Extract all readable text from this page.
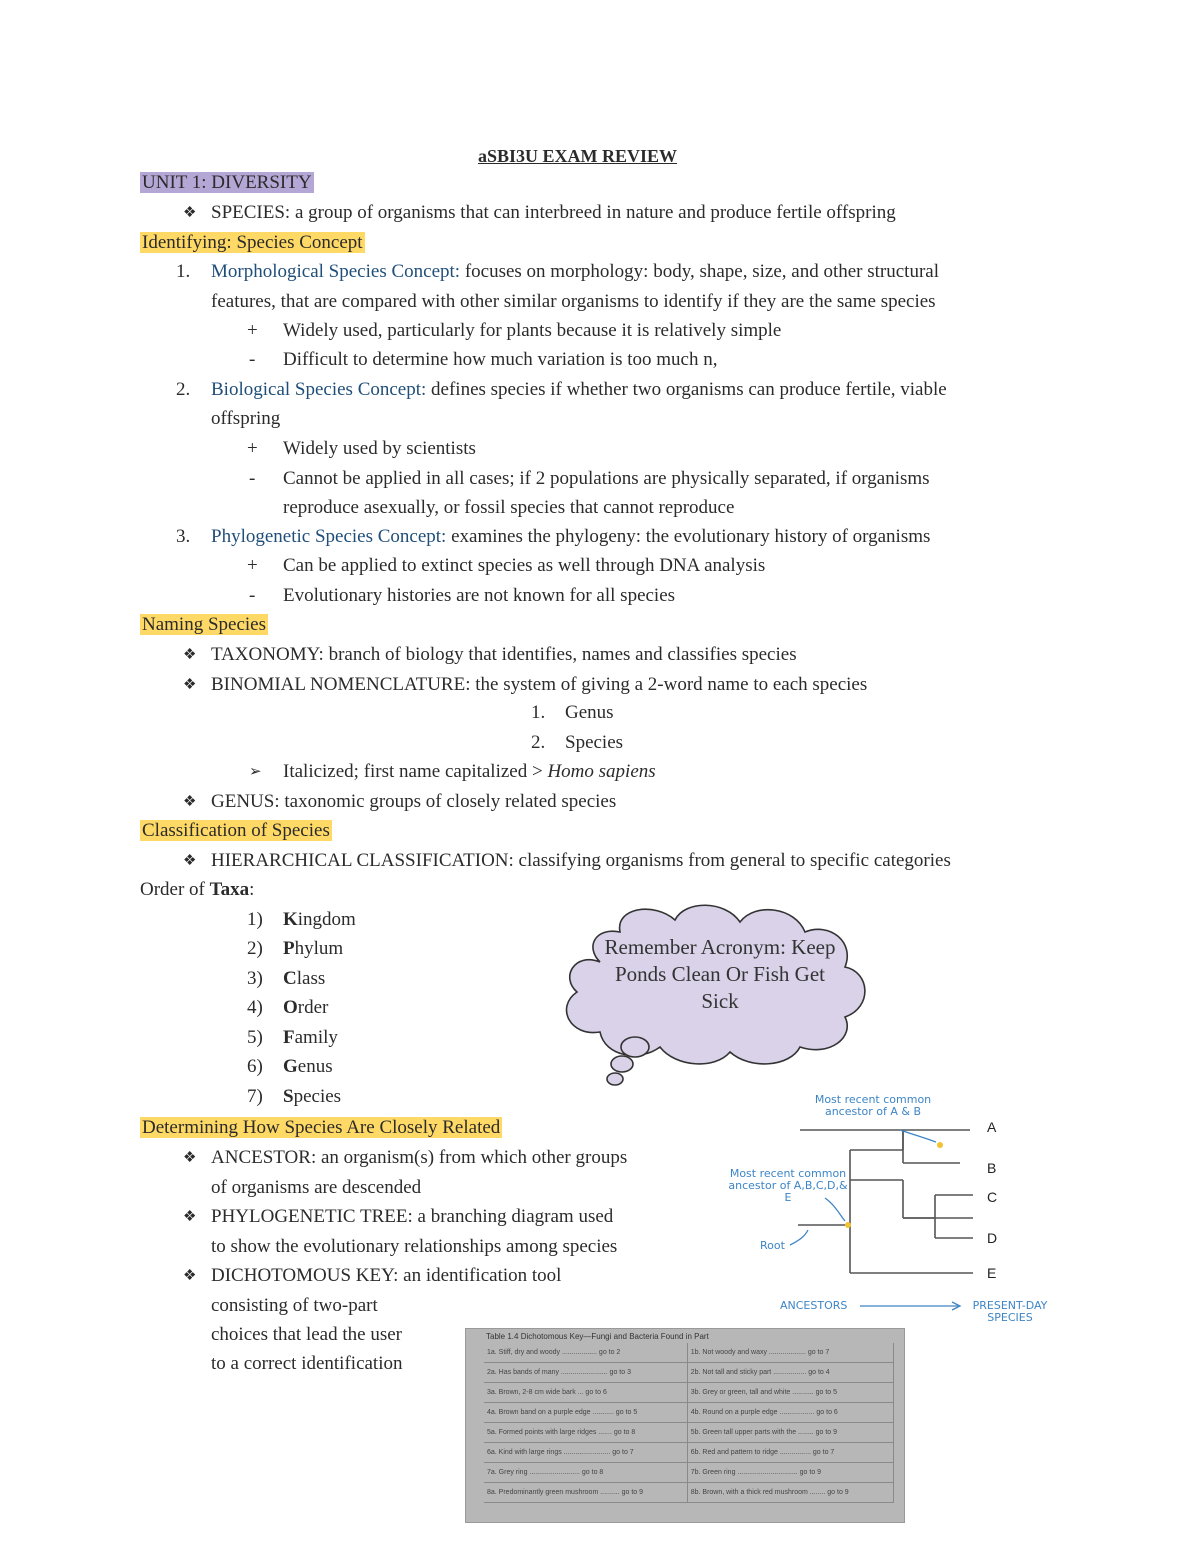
aSBI3U EXAM REVIEW
UNIT 1: DIVERSITY
❖ SPECIES: a group of organisms that can interbreed in nature and produce fertile offspring
Identifying: Species Concept
1. Morphological Species Concept: focuses on morphology: body, shape, size, and other structural
features, that are compared with other similar organisms to identify if they are the same species
+ Widely used, particularly for plants because it is relatively simple
- Difficult to determine how much variation is too much n,
2. Biological Species Concept: defines species if whether two organisms can produce fertile, viable
offspring
+ Widely used by scientists
- Cannot be applied in all cases; if 2 populations are physically separated, if organisms
reproduce asexually, or fossil species that cannot reproduce
3. Phylogenetic Species Concept: examines the phylogeny: the evolutionary history of organisms
+ Can be applied to extinct species as well through DNA analysis
- Evolutionary histories are not known for all species
Naming Species
❖ TAXONOMY: branch of biology that identifies, names and classifies species
❖ BINOMIAL NOMENCLATURE: the system of giving a 2-word name to each species
1. Genus
2. Species
➢ Italicized; first name capitalized > Homo sapiens
❖ GENUS: taxonomic groups of closely related species
Classification of Species
❖ HIERARCHICAL CLASSIFICATION: classifying organisms from general to specific categories
Order of Taxa:
1) Kingdom
2) Phylum
3) Class
4) Order
5) Family
6) Genus
7) Species
Remember Acronym: Keep Ponds Clean Or Fish Get Sick
Determining How Species Are Closely Related
❖ ANCESTOR: an organism(s) from which other groups
of organisms are descended
❖ PHYLOGENETIC TREE: a branching diagram used
to show the evolutionary relationships among species
❖ DICHOTOMOUS KEY: an identification tool
consisting of two-part
choices that lead the user
to a correct identification
A
B
C
D
E
Most recent common ancestor of A & B
Most recent common ancestor of A,B,C,D,& E
Root
ANCESTORS	PRESENT-DAY SPECIES
Table 1.4 Dichotomous Key—Fungi and Bacteria Found in Part
1a. Stiff, dry and woody .................. go to 2	1b. Not woody and waxy ................... go to 7
2a. Has bands of many ........................ go to 3	2b. Not tall and sticky part ................. go to 4
3a. Brown, 2-8 cm wide bark ... go to 6	3b. Grey or green, tall and white ........... go to 5
4a. Brown band on a purple edge ........... go to 5	4b. Round on a purple edge .................. go to 6
5a. Formed points with large ridges ....... go to 8	5b. Green tall upper parts with the ........ go to 9
6a. Kind with large rings ........................ go to 7	6b. Red and pattern to ridge ................ go to 7
7a. Grey ring .......................... go to 8	7b. Green ring ............................... go to 9
8a. Predominantly green mushroom .......... go to 9	8b. Brown, with a thick red mushroom ........ go to 9
